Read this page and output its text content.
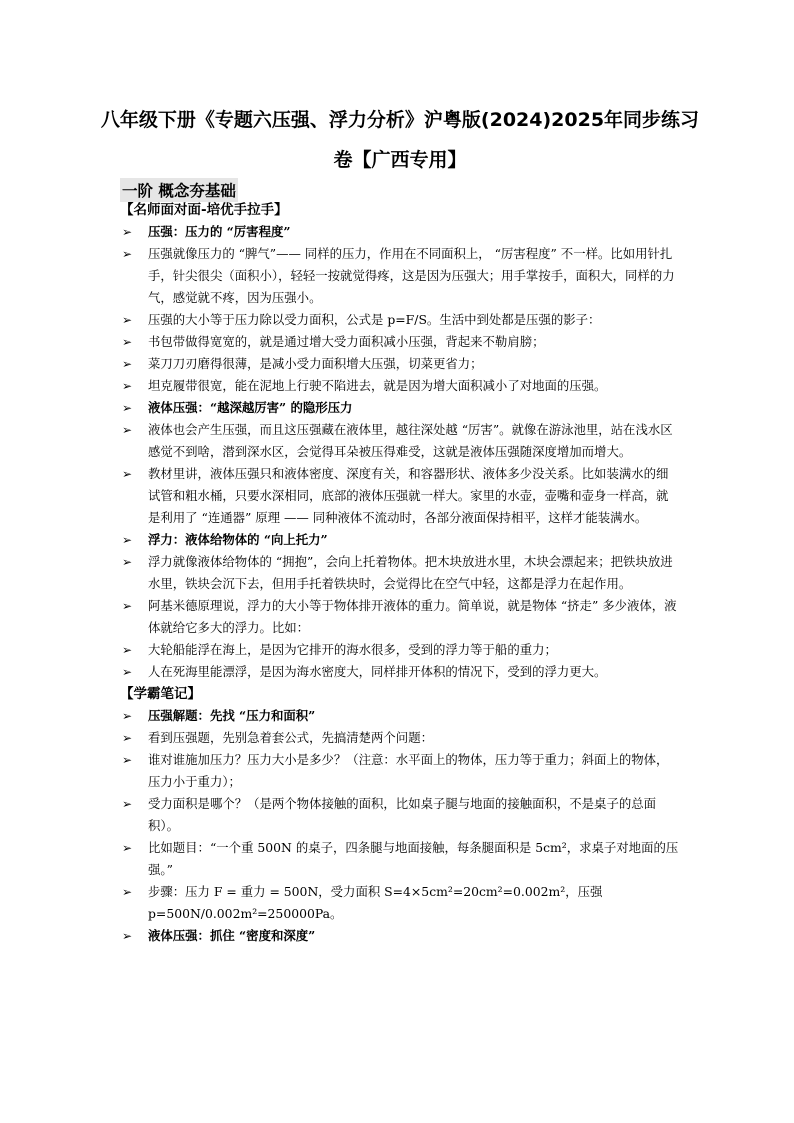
八年级下册《专题六压强、浮力分析》沪粤版(2024)2025年同步练习
卷【广西专用】
一阶 概念夯基础
【名师面对面-培优手拉手】
➢ 压强：压力的 “厉害程度”
➢ 压强就像压力的 “脾气”—— 同样的压力，作用在不同面积上， “厉害程度” 不一样。比如用针扎手，针尖很尖（面积小），轻轻一按就觉得疼，这是因为压强大；用手掌按手，面积大，同样的力气，感觉就不疼，因为压强小。
➢ 压强的大小等于压力除以受力面积，公式是 p=F/S。生活中到处都是压强的影子：
➢ 书包带做得宽宽的，就是通过增大受力面积减小压强，背起来不勒肩膀；
➢ 菜刀刀刃磨得很薄，是减小受力面积增大压强，切菜更省力；
➢ 坦克履带很宽，能在泥地上行驶不陷进去，就是因为增大面积减小了对地面的压强。
➢ 液体压强：“越深越厉害” 的隐形压力
➢ 液体也会产生压强，而且这压强藏在液体里，越往深处越 “厉害”。就像在游泳池里，站在浅水区感觉不到啥，潜到深水区，会觉得耳朵被压得难受，这就是液体压强随深度增加而增大。
➢ 教材里讲，液体压强只和液体密度、深度有关，和容器形状、液体多少没关系。比如装满水的细试管和粗水桶，只要水深相同，底部的液体压强就一样大。家里的水壶，壶嘴和壶身一样高，就是利用了 “连通器” 原理 —— 同种液体不流动时，各部分液面保持相平，这样才能装满水。
➢ 浮力：液体给物体的 “向上托力”
➢ 浮力就像液体给物体的 “拥抱”，会向上托着物体。把木块放进水里，木块会漂起来；把铁块放进水里，铁块会沉下去，但用手托着铁块时，会觉得比在空气中轻，这都是浮力在起作用。
➢ 阿基米德原理说，浮力的大小等于物体排开液体的重力。简单说，就是物体 “挤走” 多少液体，液体就给它多大的浮力。比如：
➢ 大轮船能浮在海上，是因为它排开的海水很多，受到的浮力等于船的重力；
➢ 人在死海里能漂浮，是因为海水密度大，同样排开体积的情况下，受到的浮力更大。
【学霸笔记】
➢ 压强解题：先找 “压力和面积”
➢ 看到压强题，先别急着套公式，先搞清楚两个问题：
➢ 谁对谁施加压力？压力大小是多少？（注意：水平面上的物体，压力等于重力；斜面上的物体，压力小于重力）；
➢ 受力面积是哪个？（是两个物体接触的面积，比如桌子腿与地面的接触面积，不是桌子的总面积）。
➢ 比如题目：“一个重 500N 的桌子，四条腿与地面接触，每条腿面积是 5cm²，求桌子对地面的压强。”
➢ 步骤：压力 F = 重力 = 500N，受力面积 S=4×5cm²=20cm²=0.002m²，压强 p=500N/0.002m²=250000Pa。
➢ 液体压强：抓住 “密度和深度”
